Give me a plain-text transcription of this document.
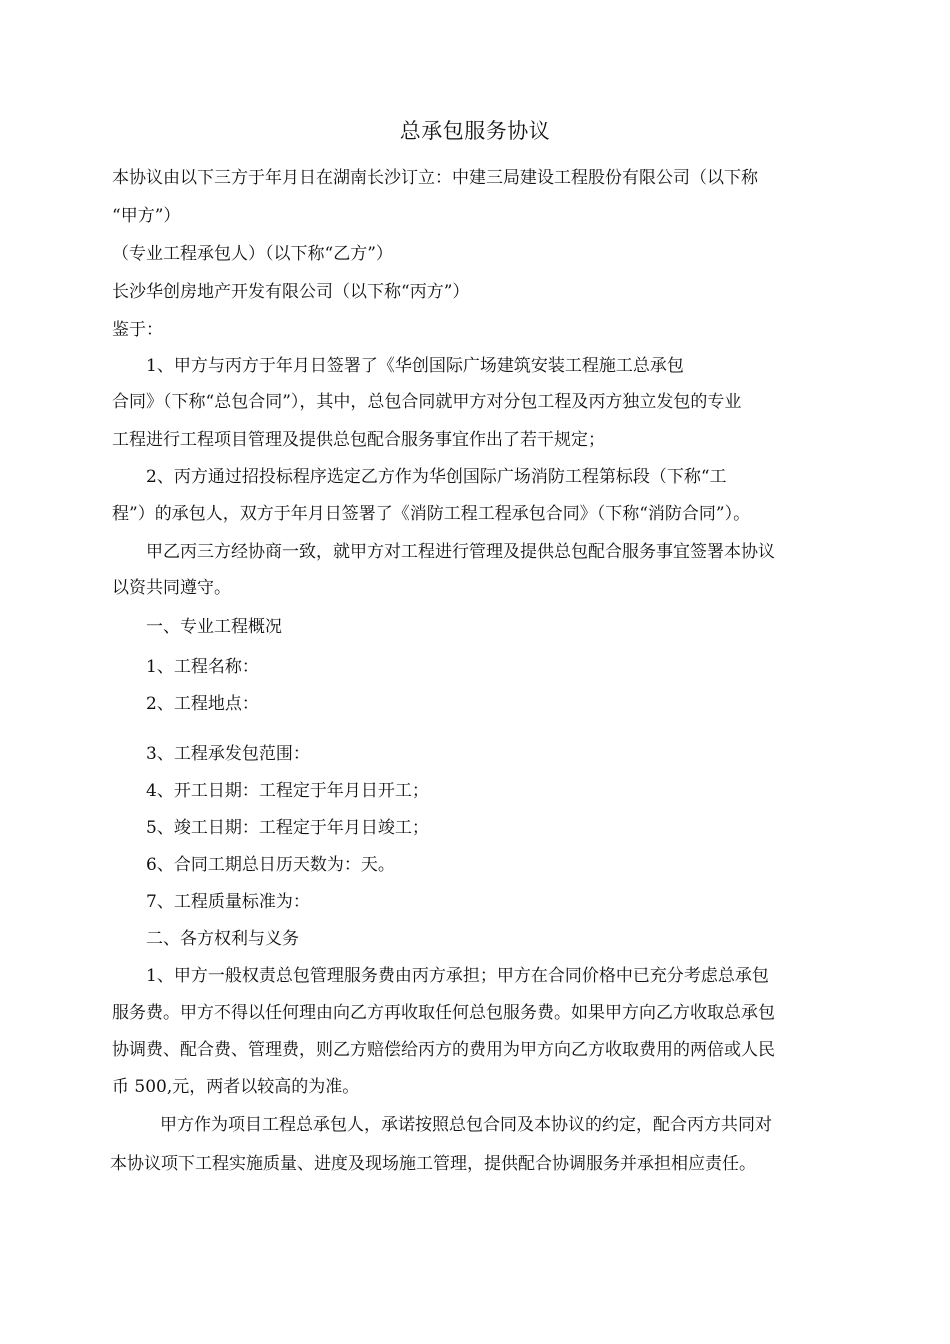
总承包服务协议
本协议由以下三方于年月日在湖南长沙订立：中建三局建设工程股份有限公司（以下称
“甲方”）
（专业工程承包人）（以下称“乙方”）
长沙华创房地产开发有限公司（以下称“丙方”）
鉴于：
1、甲方与丙方于年月日签署了《华创国际广场建筑安装工程施工总承包
合同》（下称“总包合同”），其中，总包合同就甲方对分包工程及丙方独立发包的专业
工程进行工程项目管理及提供总包配合服务事宜作出了若干规定；
2、丙方通过招投标程序选定乙方作为华创国际广场消防工程第标段（下称“工
程”）的承包人，双方于年月日签署了《消防工程工程承包合同》（下称“消防合同”）。
甲乙丙三方经协商一致，就甲方对工程进行管理及提供总包配合服务事宜签署本协议
以资共同遵守。
一、专业工程概况
1、工程名称：
2、工程地点：
3、工程承发包范围：
4、开工日期：工程定于年月日开工；
5、竣工日期：工程定于年月日竣工；
6、合同工期总日历天数为：天。
7、工程质量标准为：
二、各方权利与义务
1、甲方一般权责总包管理服务费由丙方承担；甲方在合同价格中已充分考虑总承包
服务费。甲方不得以任何理由向乙方再收取任何总包服务费。如果甲方向乙方收取总承包
协调费、配合费、管理费，则乙方赔偿给丙方的费用为甲方向乙方收取费用的两倍或人民
币 500,元，两者以较高的为准。
甲方作为项目工程总承包人，承诺按照总包合同及本协议的约定，配合丙方共同对
本协议项下工程实施质量、进度及现场施工管理，提供配合协调服务并承担相应责任。
